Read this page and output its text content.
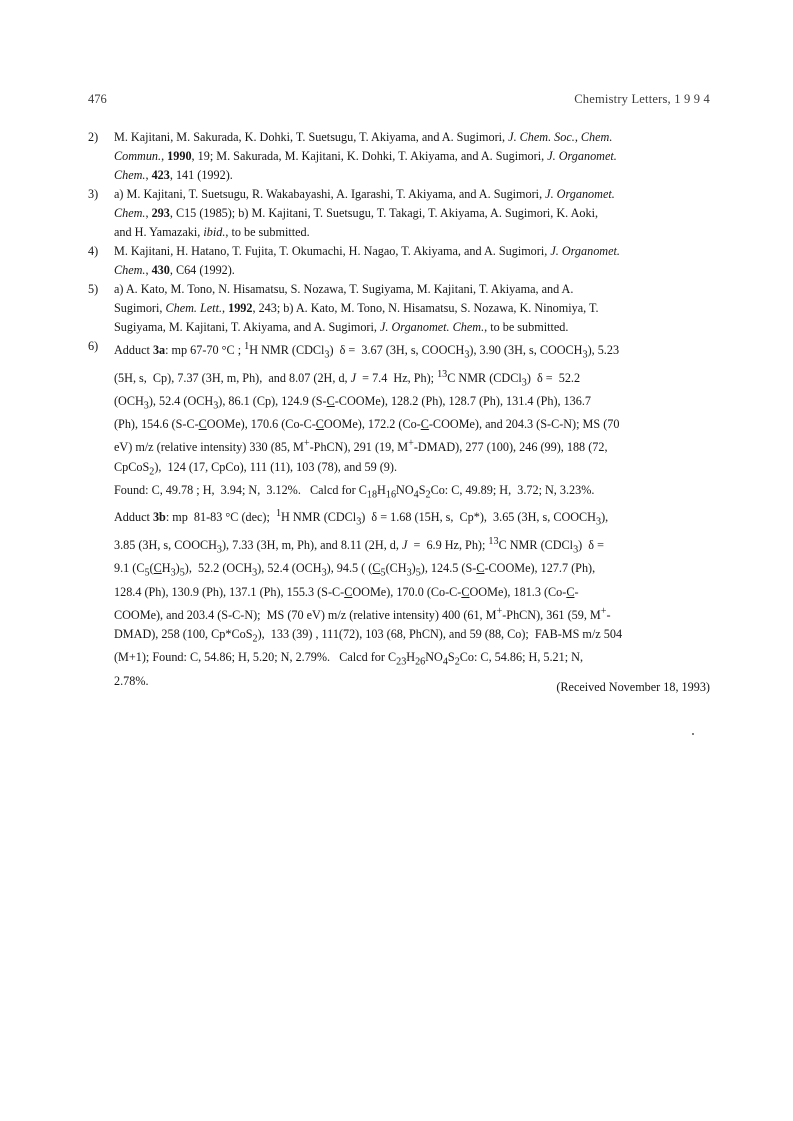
476	Chemistry Letters, 1 9 9 4
2) M. Kajitani, M. Sakurada, K. Dohki, T. Suetsugu, T. Akiyama, and A. Sugimori, J. Chem. Soc., Chem.
Commun., 1990, 19; M. Sakurada, M. Kajitani, K. Dohki, T. Akiyama, and A. Sugimori, J. Organomet.
Chem., 423, 141 (1992).
3) a) M. Kajitani, T. Suetsugu, R. Wakabayashi, A. Igarashi, T. Akiyama, and A. Sugimori, J. Organomet.
Chem., 293, C15 (1985); b) M. Kajitani, T. Suetsugu, T. Takagi, T. Akiyama, A. Sugimori, K. Aoki,
and H. Yamazaki, ibid., to be submitted.
4) M. Kajitani, H. Hatano, T. Fujita, T. Okumachi, H. Nagao, T. Akiyama, and A. Sugimori, J. Organomet.
Chem., 430, C64 (1992).
5) a) A. Kato, M. Tono, N. Hisamatsu, S. Nozawa, T. Sugiyama, M. Kajitani, T. Akiyama, and A.
Sugimori, Chem. Lett., 1992, 243; b) A. Kato, M. Tono, N. Hisamatsu, S. Nozawa, K. Ninomiya, T.
Sugiyama, M. Kajitani, T. Akiyama, and A. Sugimori, J. Organomet. Chem., to be submitted.
6) Adduct 3a: mp 67-70 °C ; $^1$H NMR (CDCl$_3$)  δ =  3.67 (3H, s, $COOCH_3$), 3.90 (3H, s, $COOCH_3$), 5.23
(5H, s,  Cp), 7.37 (3H, m, Ph),  and 8.07 (2H, d, J  = 7.4  Hz, Ph); $^{13}$C NMR (CDCl$_3$)  δ =  52.2
$(OCH_3)$, 52.4 $(OCH_3)$, 86.1 (Cp), 124.9 (S-C-COOMe), 128.2 (Ph), 128.7 (Ph), 131.4 (Ph), 136.7
(Ph), 154.6 (S-C-COOMe), 170.6 (Co-C-COOMe), 172.2 (Co-C-COOMe), and 204.3 (S-C-N); MS (70
eV) m/z (relative intensity) 330 (85, M+-PhCN), 291 (19, M+-DMAD), 277 (100), 246 (99), 188 (72,
CpCoS$_2$),  124 (17, CpCo), 111 (11), 103 (78), and 59 (9).
Found: C, 49.78 ; H,  3.94; N,  3.12%.   Calcd for $C_{18}H_{16}NO_4S_2Co$: C, 49.89; H,  3.72; N, 3.23%.
Adduct 3b: mp  81-83 °C (dec);  $^1$H NMR (CDCl$_3$)  δ = 1.68 (15H, s,  Cp*),  3.65 (3H, s, $COOCH_3$),
3.85 (3H, s, $COOCH_3$), 7.33 (3H, m, Ph), and 8.11 (2H, d, J  =  6.9 Hz, Ph); $^{13}$C NMR (CDCl$_3$)  δ =
9.1 $(C_5(CH_3)_5)$,  52.2 $(OCH_3)$, 52.4 $(OCH_3)$, 94.5 ( $(C_5(CH_3)_5)$, 124.5 (S-C-COOMe), 127.7 (Ph),
128.4 (Ph), 130.9 (Ph), 137.1 (Ph), 155.3 (S-C-COOMe), 170.0 (Co-C-COOMe), 181.3 (Co-C-
COOMe), and 203.4 (S-C-N);  MS (70 eV) m/z (relative intensity) 400 (61, M+-PhCN), 361 (59, M+-
DMAD), 258 (100, Cp*CoS$_2$),  133 (39) , 111(72), 103 (68, PhCN), and 59 (88, Co);  FAB-MS m/z 504
(M+1); Found: C, 54.86; H, 5.20; N, 2.79%.   Calcd for $C_{23}H_{26}NO_4S_2Co$: C, 54.86; H, 5.21; N,
2.78%.	(Received November 18, 1993)
